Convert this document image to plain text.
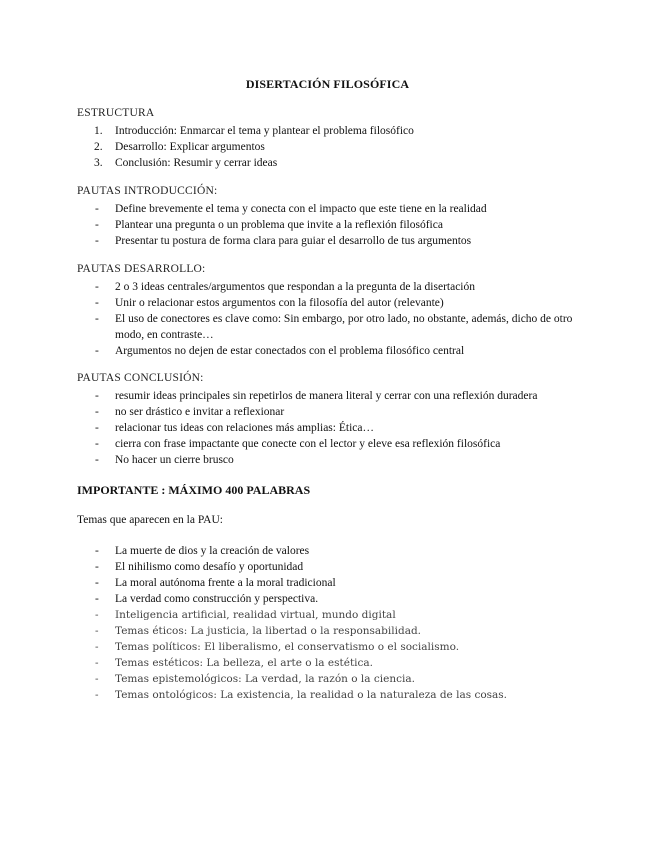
DISERTACIÓN FILOSÓFICA
ESTRUCTURA
1.	Introducción: Enmarcar el tema y plantear el problema filosófico
2.	Desarrollo: Explicar argumentos
3.	Conclusión: Resumir y cerrar ideas
PAUTAS INTRODUCCIÓN:
-	Define brevemente el tema y conecta con el impacto que este tiene en la realidad
-	Plantear una pregunta o un problema que invite a la reflexión filosófica
-	Presentar tu postura de forma clara para guiar el desarrollo de tus argumentos
PAUTAS DESARROLLO:
-	2 o 3 ideas centrales/argumentos que respondan a la pregunta de la disertación
-	Unir o relacionar estos argumentos con la filosofía del autor (relevante)
-	El uso de conectores es clave como: Sin embargo, por otro lado, no obstante, además, dicho de otro modo, en contraste…
-	Argumentos no dejen de estar conectados con el problema filosófico central
PAUTAS CONCLUSIÓN:
-	resumir ideas principales sin repetirlos de manera literal y cerrar con una reflexión duradera
-	no ser drástico e invitar a reflexionar
-	relacionar tus ideas con relaciones más amplias: Ética…
-	cierra con frase impactante que conecte con el lector y eleve esa reflexión filosófica
-	No hacer un cierre brusco
IMPORTANTE : MÁXIMO 400 PALABRAS
Temas que aparecen en la PAU:
-	La muerte de dios y la creación de valores
-	El nihilismo como desafío y oportunidad
-	La moral autónoma frente a la moral tradicional
-	La verdad como construcción y perspectiva.
-	Inteligencia artificial, realidad virtual, mundo digital
-	Temas éticos: La justicia, la libertad o la responsabilidad.
-	Temas políticos: El liberalismo, el conservatismo o el socialismo.
-	Temas estéticos: La belleza, el arte o la estética.
-	Temas epistemológicos: La verdad, la razón o la ciencia.
-	Temas ontológicos: La existencia, la realidad o la naturaleza de las cosas.
